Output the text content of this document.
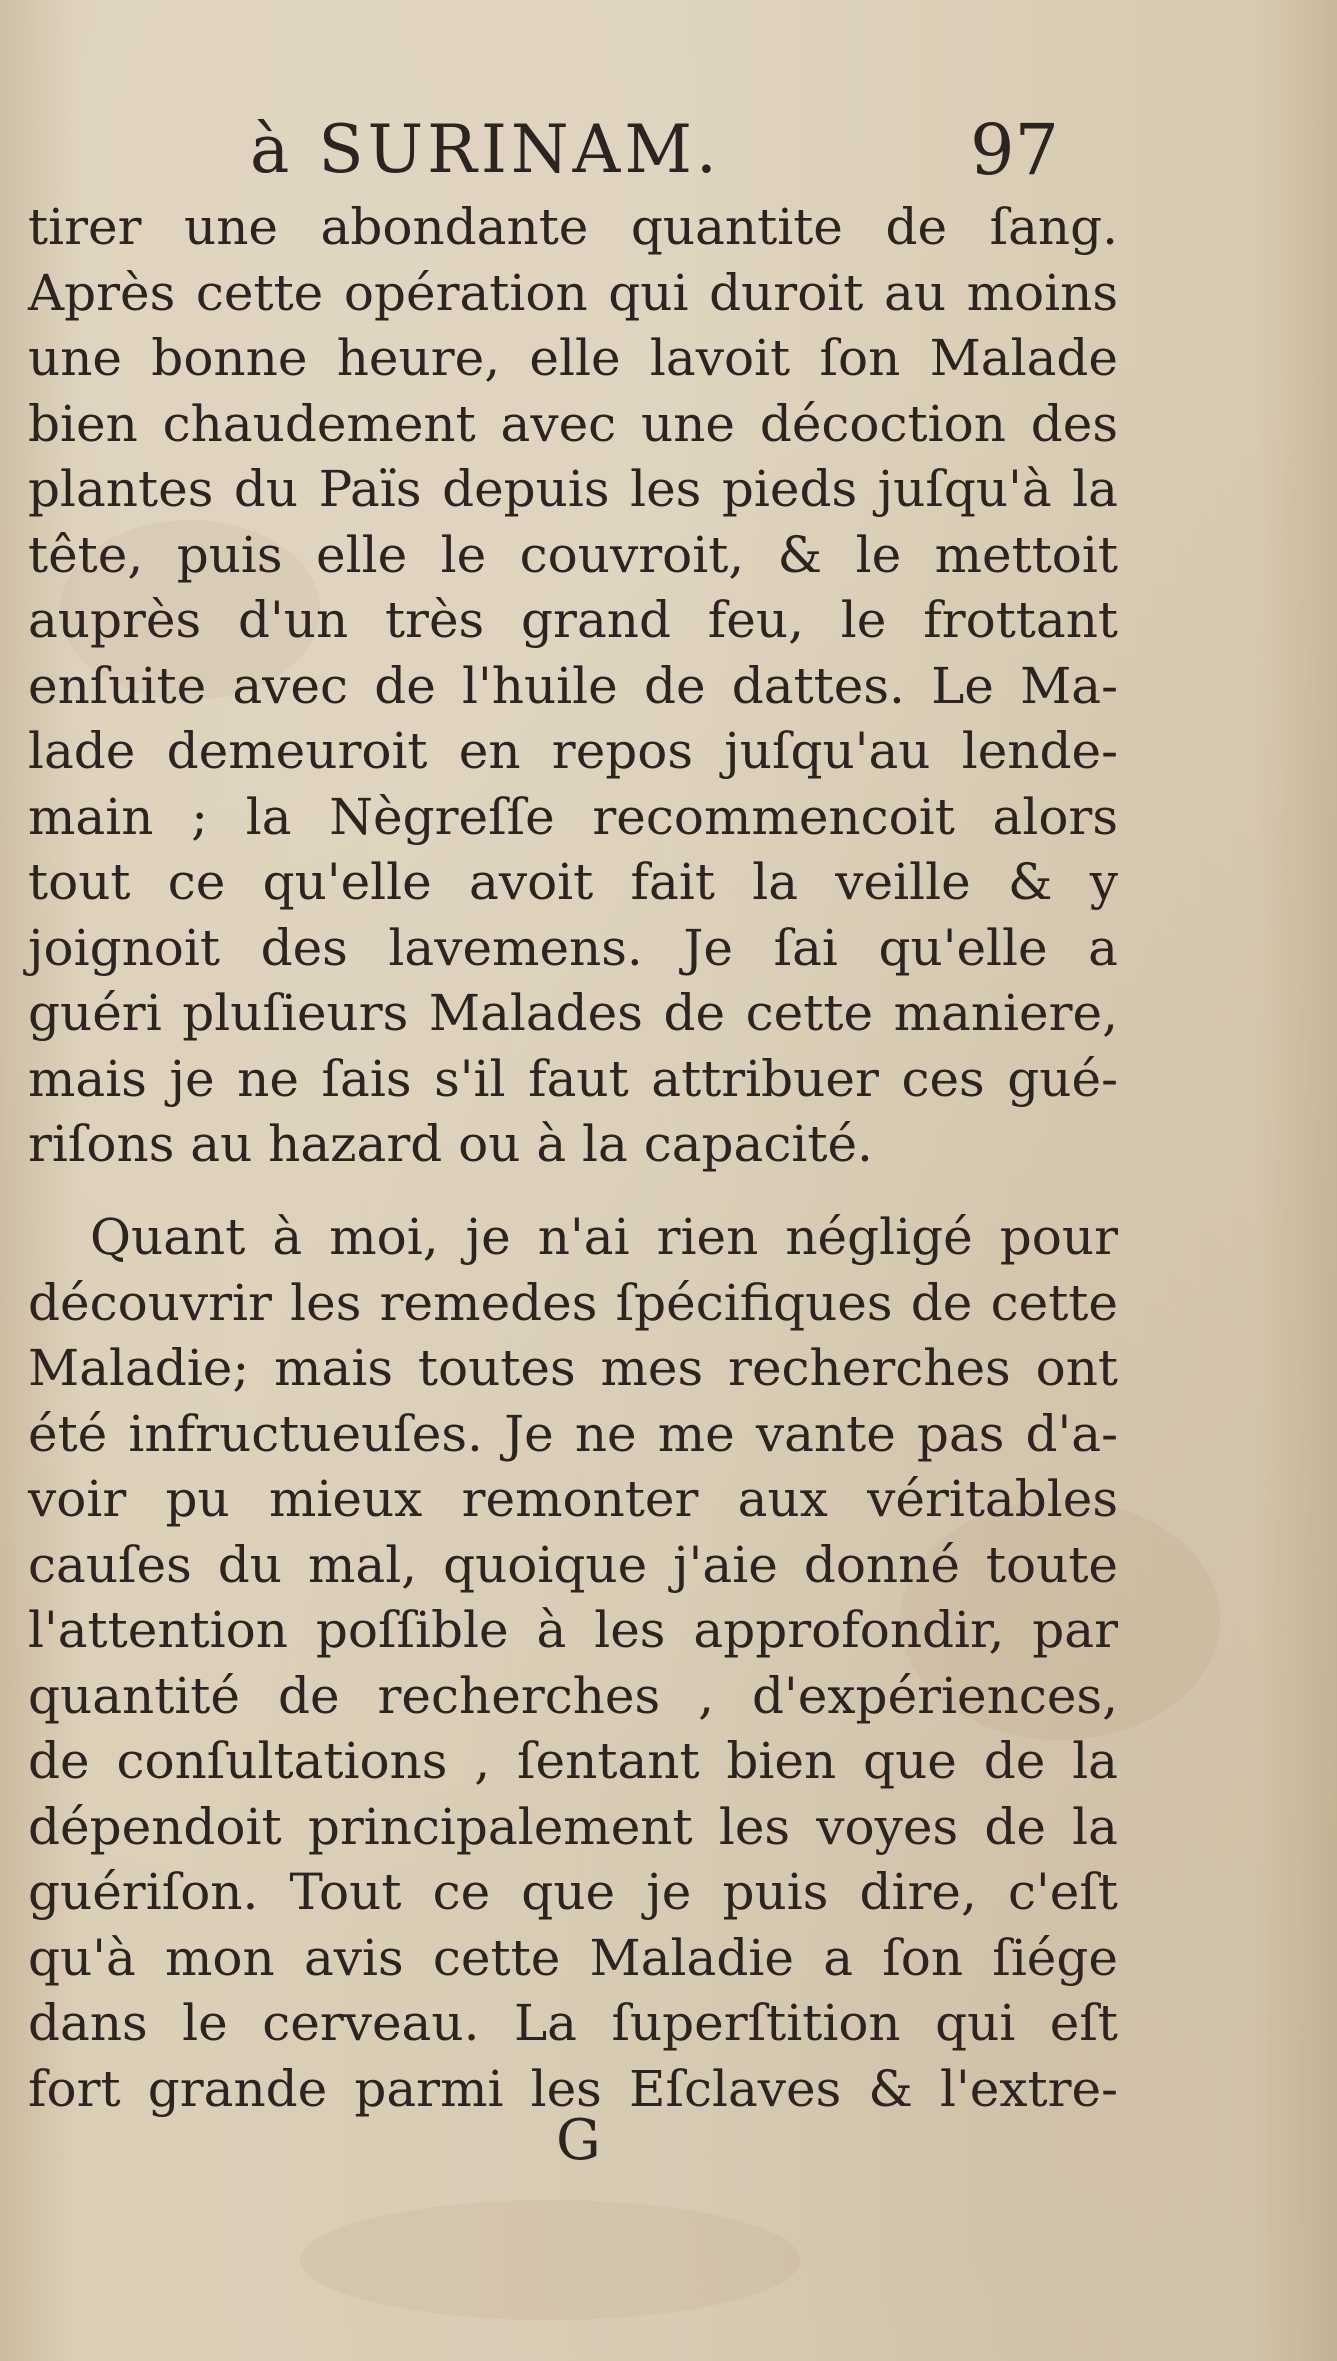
à SURINAM.	97
tirer une abondante quantite de ſang.
Après cette opération qui duroit au moins
une bonne heure, elle lavoit ſon Malade
bien chaudement avec une décoction des
plantes du Païs depuis les pieds juſqu'à la
tête, puis elle le couvroit, & le mettoit
auprès d'un très grand feu, le frottant
enſuite avec de l'huile de dattes. Le Ma-
lade demeuroit en repos juſqu'au lende-
main ; la Nègreſſe recommencoit alors
tout ce qu'elle avoit fait la veille & y
joignoit des lavemens. Je ſai qu'elle a
guéri pluſieurs Malades de cette maniere,
mais je ne ſais s'il faut attribuer ces gué-
riſons au hazard ou à la capacité.
Quant à moi, je n'ai rien négligé pour
découvrir les remedes ſpécifiques de cette
Maladie; mais toutes mes recherches ont
été infructueuſes. Je ne me vante pas d'a-
voir pu mieux remonter aux véritables
cauſes du mal, quoique j'aie donné toute
l'attention poſſible à les approfondir, par
quantité de recherches , d'expériences,
de conſultations , ſentant bien que de la
dépendoit principalement les voyes de la
guériſon. Tout ce que je puis dire, c'eſt
qu'à mon avis cette Maladie a ſon ſiége
dans le cerveau. La ſuperſtition qui eſt
fort grande parmi les Eſclaves & l'extre-
G
